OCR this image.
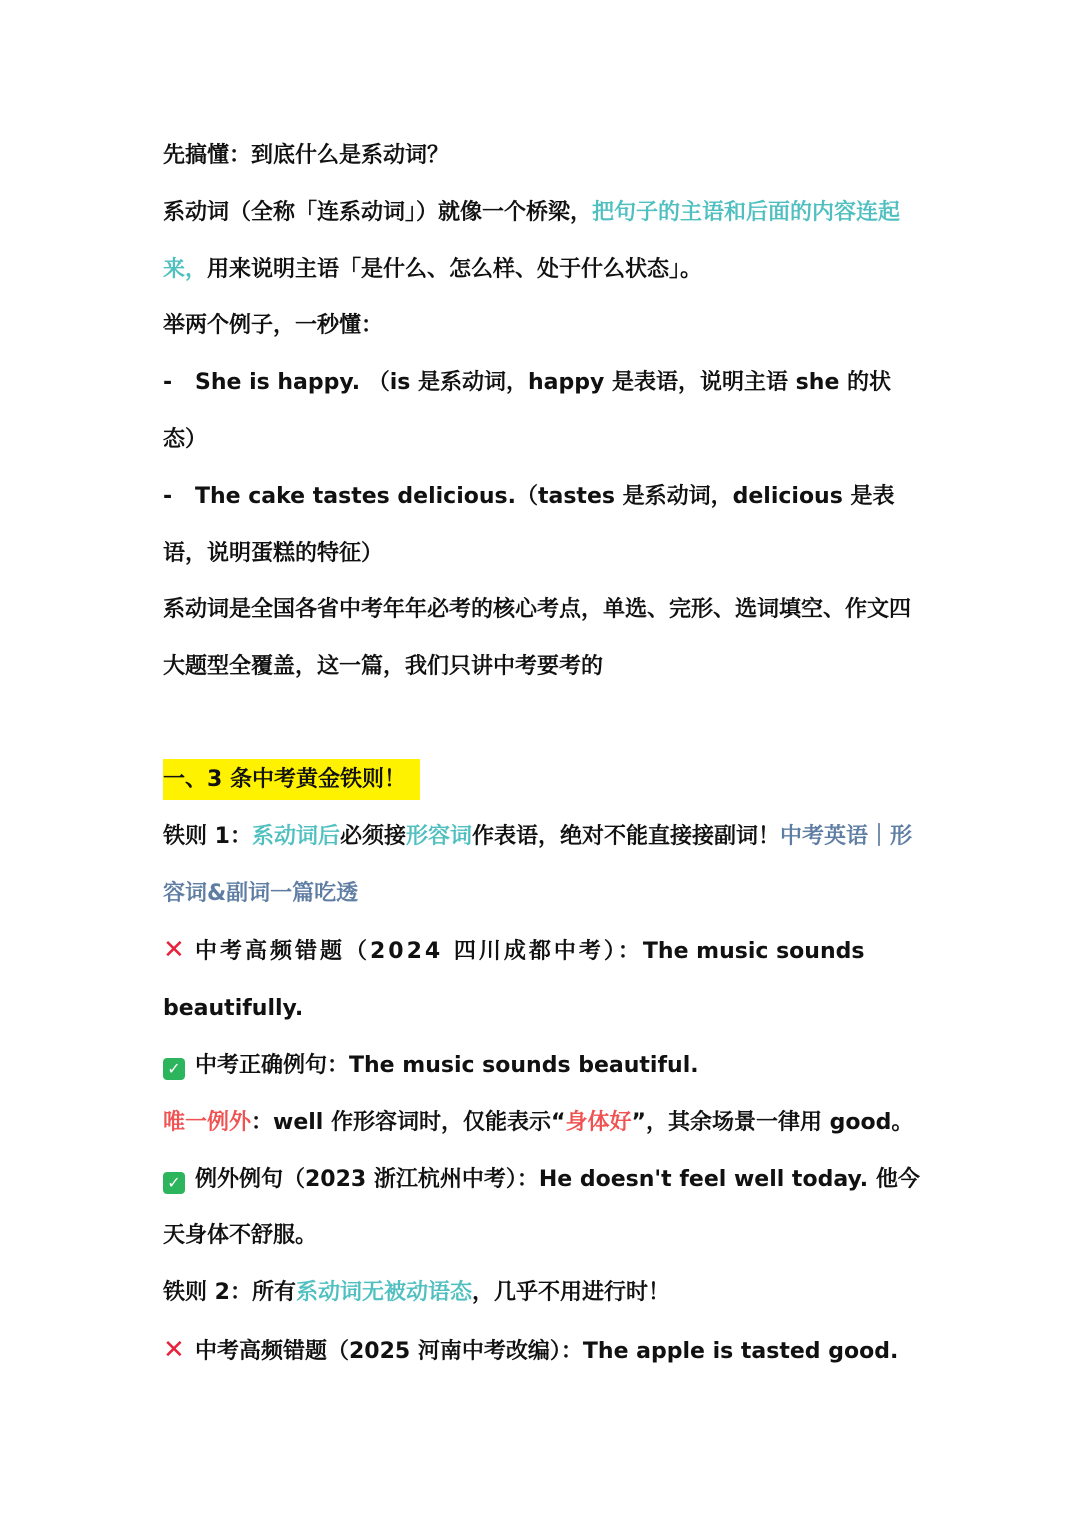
先搞懂：到底什么是系动词？

系动词（全称「连系动词」）就像一个桥梁，把句子的主语和后面的内容连起来，用来说明主语「是什么、怎么样、处于什么状态」。

举两个例子，一秒懂：

- She is happy. （is 是系动词，happy 是表语，说明主语 she 的状态）

- The cake tastes delicious.（tastes 是系动词，delicious 是表语，说明蛋糕的特征）

系动词是全国各省中考年年必考的核心考点，单选、完形、选词填空、作文四大题型全覆盖，这一篇，我们只讲中考要考的

一、3 条中考黄金铁则！

铁则 1：系动词后必须接形容词作表语，绝对不能直接接副词！中考英语｜形容词&副词一篇吃透

✕ 中考高频错题（2024 四川成都中考）：The music sounds beautifully.

✓ 中考正确例句：The music sounds beautiful.

唯一例外：well 作形容词时，仅能表示“身体好”，其余场景一律用 good。

✓ 例外例句（2023 浙江杭州中考）：He doesn't feel well today. 他今天身体不舒服。

铁则 2：所有系动词无被动语态，几乎不用进行时！

✕ 中考高频错题（2025 河南中考改编）：The apple is tasted good.
